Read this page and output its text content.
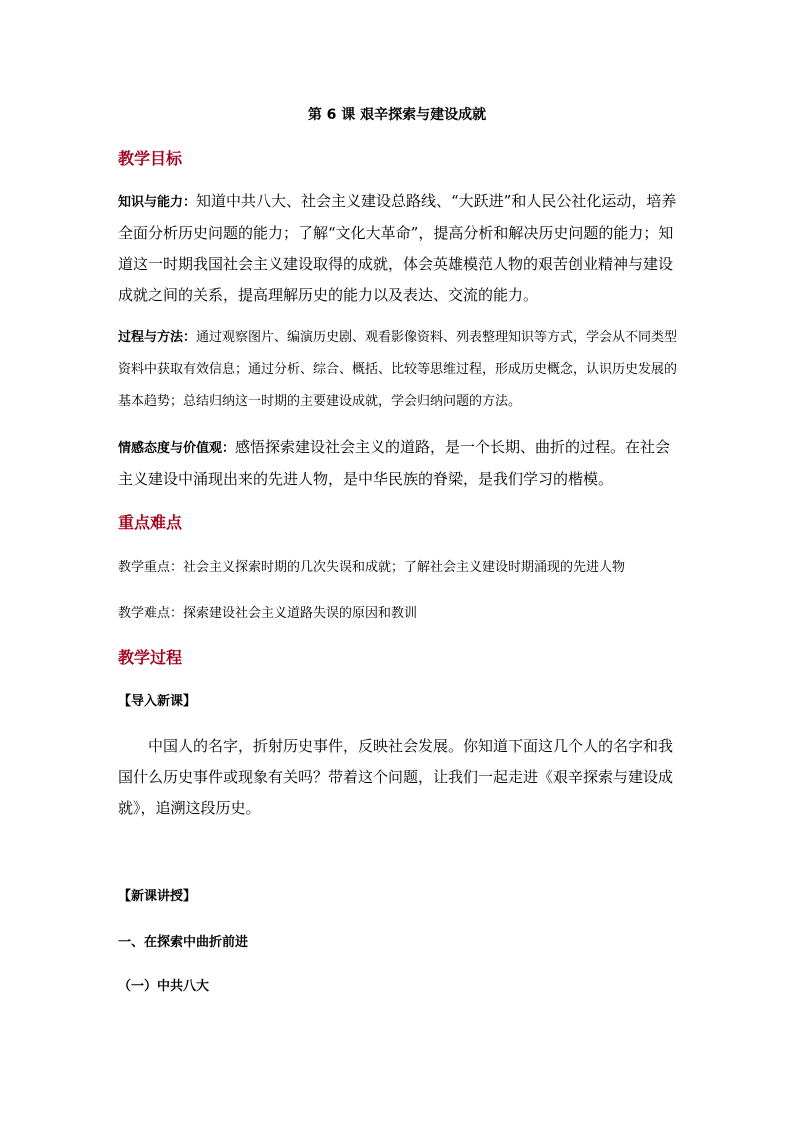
第 6 课 艰辛探索与建设成就
教学目标
知识与能力：知道中共八大、社会主义建设总路线、“大跃进”和人民公社化运动，培养全面分析历史问题的能力；了解“文化大革命”，提高分析和解决历史问题的能力；知道这一时期我国社会主义建设取得的成就，体会英雄模范人物的艰苦创业精神与建设成就之间的关系，提高理解历史的能力以及表达、交流的能力。
过程与方法：通过观察图片、编演历史剧、观看影像资料、列表整理知识等方式，学会从不同类型资料中获取有效信息；通过分析、综合、概括、比较等思维过程，形成历史概念，认识历史发展的基本趋势；总结归纳这一时期的主要建设成就，学会归纳问题的方法。
情感态度与价值观：感悟探索建设社会主义的道路，是一个长期、曲折的过程。在社会主义建设中涌现出来的先进人物，是中华民族的脊梁，是我们学习的楷模。
重点难点
教学重点：社会主义探索时期的几次失误和成就；了解社会主义建设时期涌现的先进人物
教学难点：探索建设社会主义道路失误的原因和教训
教学过程
【导入新课】
中国人的名字，折射历史事件，反映社会发展。你知道下面这几个人的名字和我国什么历史事件或现象有关吗？带着这个问题，让我们一起走进《艰辛探索与建设成就》，追溯这段历史。
【新课讲授】
一、在探索中曲折前进
（一）中共八大
